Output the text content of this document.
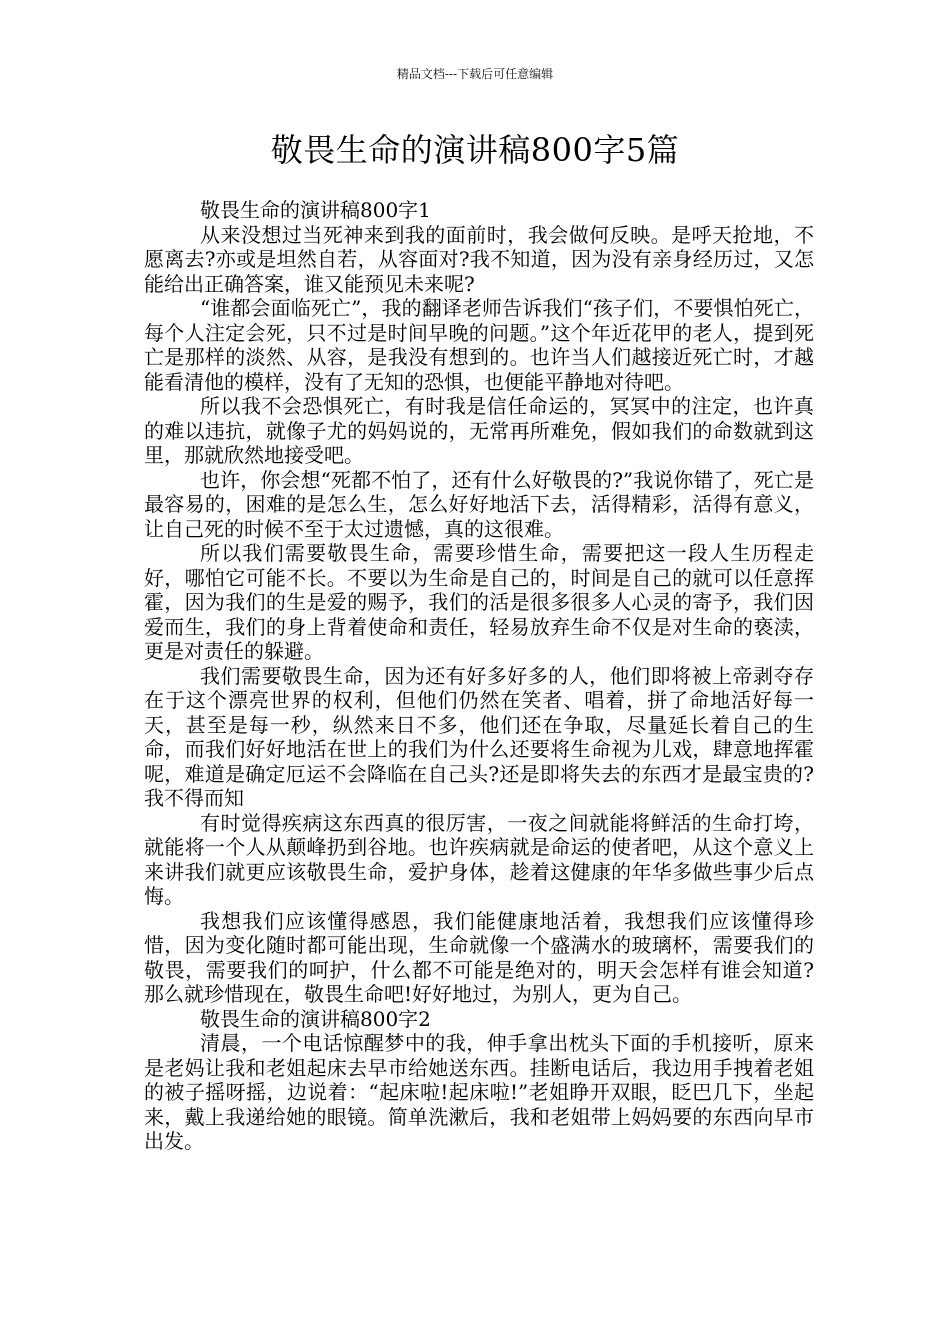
精品文档---下载后可任意编辑
敬畏生命的演讲稿800字5篇

敬畏生命的演讲稿800字1

从来没想过当死神来到我的面前时，我会做何反映。是呼天抢地，不愿离去?亦或是坦然自若，从容面对?我不知道，因为没有亲身经历过，又怎能给出正确答案，谁又能预见未来呢?

“谁都会面临死亡”，我的翻译老师告诉我们“孩子们，不要惧怕死亡，每个人注定会死，只不过是时间早晚的问题。”这个年近花甲的老人，提到死亡是那样的淡然、从容，是我没有想到的。也许当人们越接近死亡时，才越能看清他的模样，没有了无知的恐惧，也便能平静地对待吧。

所以我不会恐惧死亡，有时我是信任命运的，冥冥中的注定，也许真的难以违抗，就像子尤的妈妈说的，无常再所难免，假如我们的命数就到这里，那就欣然地接受吧。

也许，你会想“死都不怕了，还有什么好敬畏的?”我说你错了，死亡是最容易的，困难的是怎么生，怎么好好地活下去，活得精彩，活得有意义，让自己死的时候不至于太过遗憾，真的这很难。

所以我们需要敬畏生命，需要珍惜生命，需要把这一段人生历程走好，哪怕它可能不长。不要以为生命是自己的，时间是自己的就可以任意挥霍，因为我们的生是爱的赐予，我们的活是很多很多人心灵的寄予，我们因爱而生，我们的身上背着使命和责任，轻易放弃生命不仅是对生命的亵渎，更是对责任的躲避。

我们需要敬畏生命，因为还有好多好多的人，他们即将被上帝剥夺存在于这个漂亮世界的权利，但他们仍然在笑者、唱着，拼了命地活好每一天，甚至是每一秒，纵然来日不多，他们还在争取，尽量延长着自己的生命，而我们好好地活在世上的我们为什么还要将生命视为儿戏，肆意地挥霍呢，难道是确定厄运不会降临在自己头?还是即将失去的东西才是最宝贵的?我不得而知

有时觉得疾病这东西真的很厉害，一夜之间就能将鲜活的生命打垮，就能将一个人从颠峰扔到谷地。也许疾病就是命运的使者吧，从这个意义上来讲我们就更应该敬畏生命，爱护身体，趁着这健康的年华多做些事少后点悔。

我想我们应该懂得感恩，我们能健康地活着，我想我们应该懂得珍惜，因为变化随时都可能出现，生命就像一个盛满水的玻璃杯，需要我们的敬畏，需要我们的呵护，什么都不可能是绝对的，明天会怎样有谁会知道?那么就珍惜现在，敬畏生命吧!好好地过，为别人，更为自己。

敬畏生命的演讲稿800字2

清晨，一个电话惊醒梦中的我，伸手拿出枕头下面的手机接听，原来是老妈让我和老姐起床去早市给她送东西。挂断电话后，我边用手拽着老姐的被子摇呀摇，边说着：“起床啦!起床啦!”老姐睁开双眼，眨巴几下，坐起来，戴上我递给她的眼镜。简单洗漱后，我和老姐带上妈妈要的东西向早市出发。
